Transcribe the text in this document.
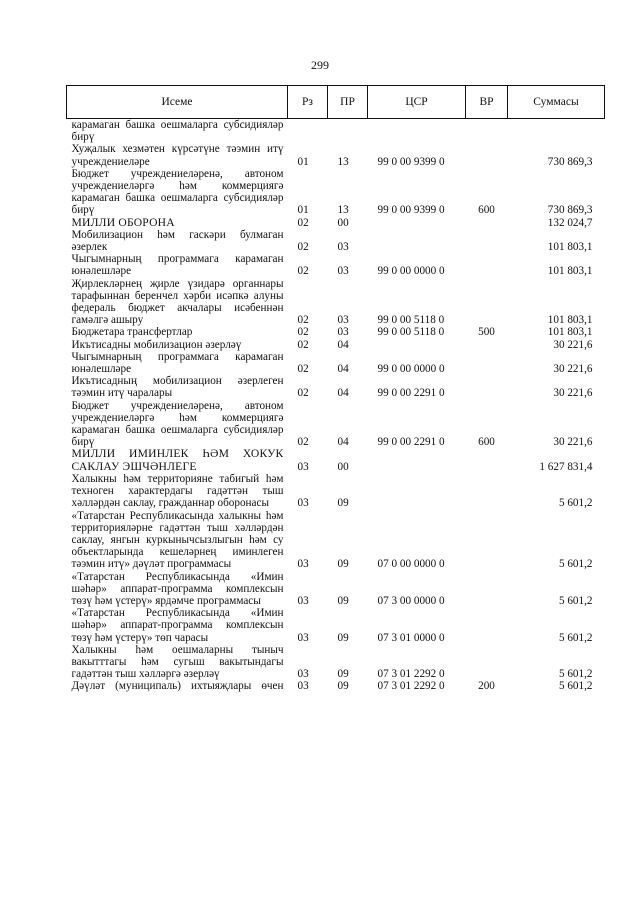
299
Исеме	Рз	ПР	ЦСР	ВР	Суммасы
карамаган башка оешмаларга субсидияләр бирү					
Хуҗалык хезмәтен күрсәтүне тәэмин итү учреждениеләре	01	13	99 0 00 9399 0		730 869,3
Бюджет учреждениеләренә, автоном учреждениеләргә һәм коммерциягә карамаган башка оешмаларга субсидияләр бирү	01	13	99 0 00 9399 0	600	730 869,3
МИЛЛИ ОБОРОНА	02	00			132 024,7
Мобилизацион һәм гаскәри булмаган әзерлек	02	03			101 803,1
Чыгымнарның программага карамаган юнәлешләре	02	03	99 0 00 0000 0		101 803,1
Җирлекләрнең җирле үзидарә органнары тарафыннан беренчел хәрби исәпкә алуны федераль бюджет акчалары исәбеннән гамәлгә ашыру	02	03	99 0 00 5118 0		101 803,1
Бюджетара трансфертлар	02	03	99 0 00 5118 0	500	101 803,1
Икътисадны мобилизацион әзерләү	02	04			30 221,6
Чыгымнарның программага карамаган юнәлешләре	02	04	99 0 00 0000 0		30 221,6
Икътисадның мобилизацион әзерлеген тәэмин итү чаралары	02	04	99 0 00 2291 0		30 221,6
Бюджет учреждениеләренә, автоном учреждениеләргә һәм коммерциягә карамаган башка оешмаларга субсидияләр бирү	02	04	99 0 00 2291 0	600	30 221,6
МИЛЛИ ИМИНЛЕК ҺӘМ ХОКУК САКЛАУ ЭШЧӘНЛЕГЕ	03	00			1 627 831,4
Халыкны һәм территорияне табигый һәм техноген характердагы гадәттән тыш хәлләрдән саклау, гражданнар оборонасы	03	09			5 601,2
«Татарстан Республикасында халыкны һәм территорияләрне гадәттән тыш хәлләрдән саклау, янгын куркынычсызлыгын һәм су объектларында кешеләрнең иминлеген тәэмин итү» дәүләт программасы	03	09	07 0 00 0000 0		5 601,2
«Татарстан Республикасында «Имин шәһәр» аппарат-программа комплексын төзү һәм үстерү» ярдәмче программасы	03	09	07 3 00 0000 0		5 601,2
«Татарстан Республикасында «Имин шәһәр» аппарат-программа комплексын төзү һәм үстерү» төп чарасы	03	09	07 3 01 0000 0		5 601,2
Халыкны һәм оешмаларны тыныч вакытттагы һәм сугыш вакытындагы гадәттән тыш хәлләргә әзерләү	03	09	07 3 01 2292 0		5 601,2
Дәүләт (муниципаль) ихтыяҗлары өчен	03	09	07 3 01 2292 0	200	5 601,2
